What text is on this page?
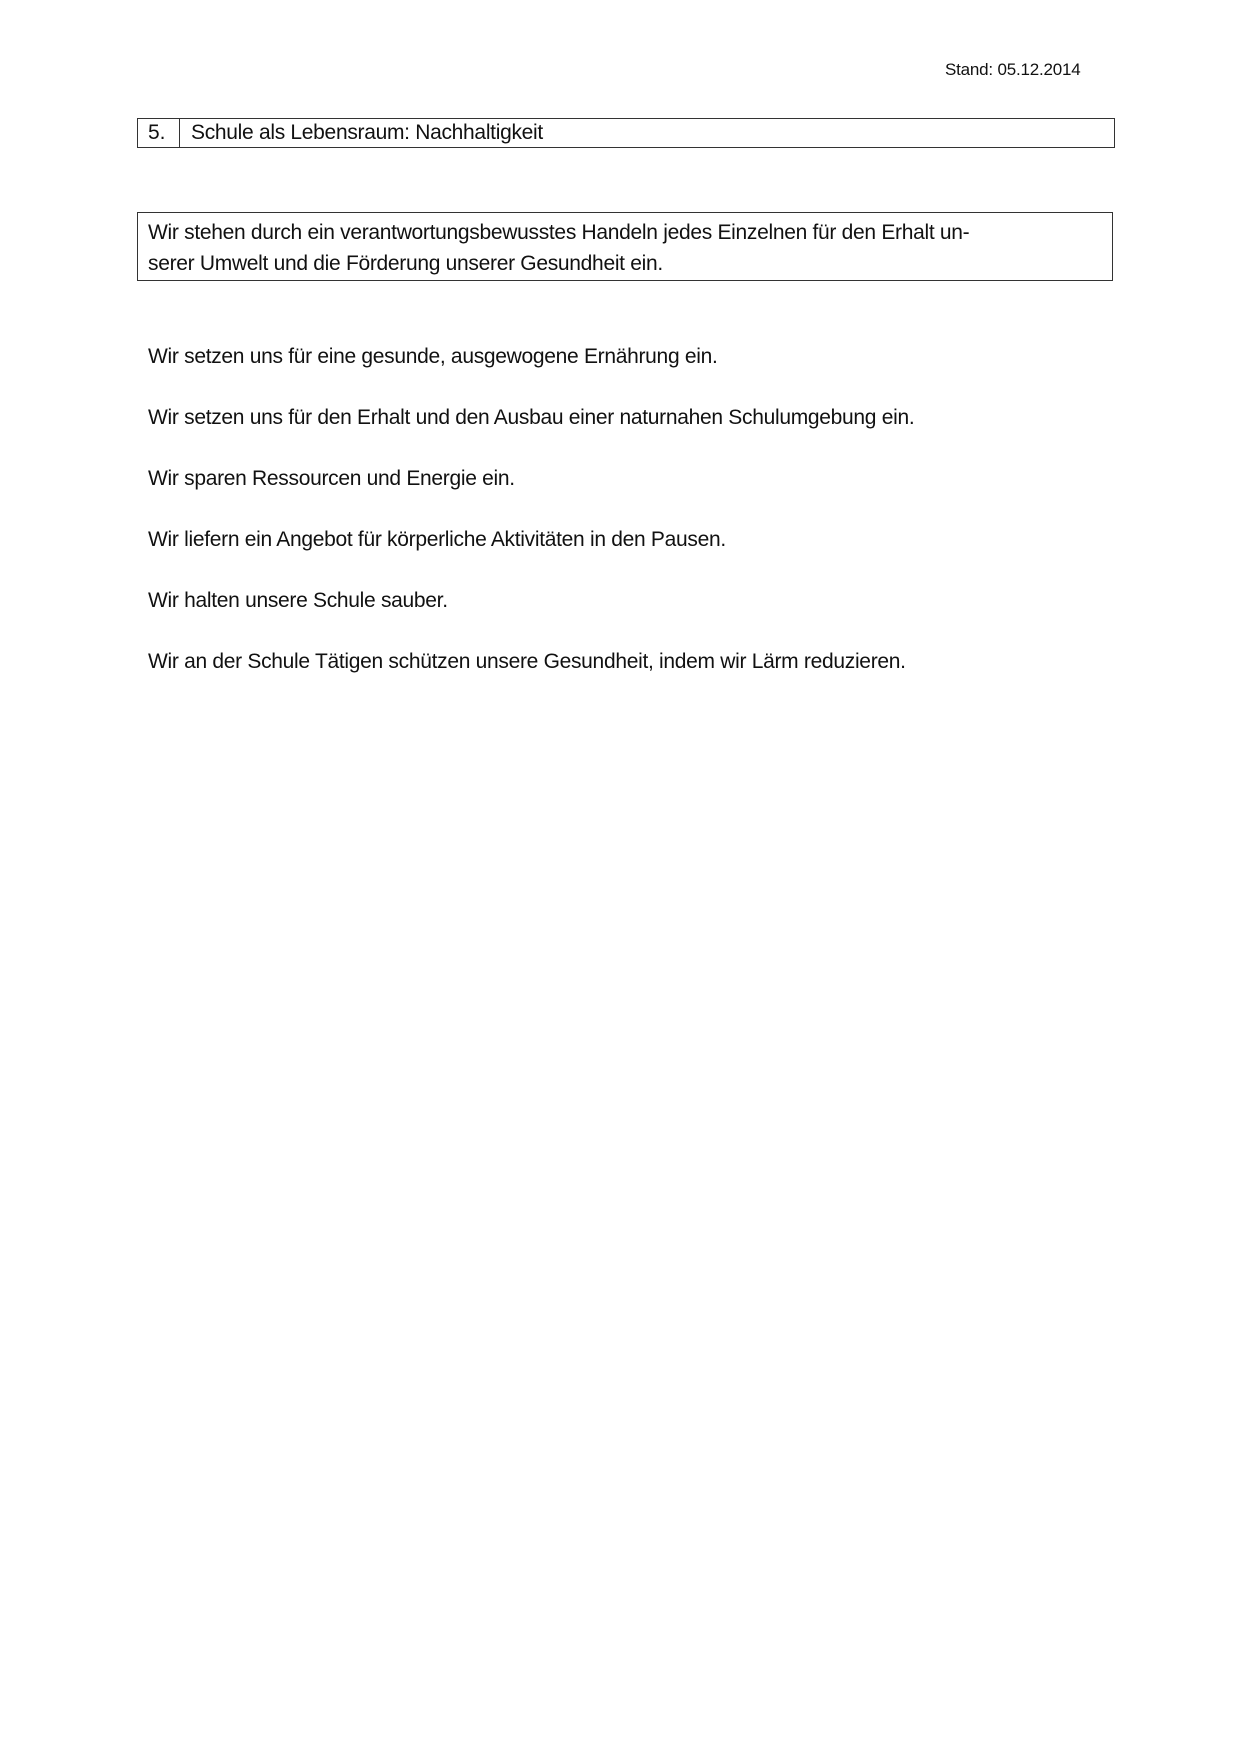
Stand: 05.12.2014
5.	Schule als Lebensraum: Nachhaltigkeit
Wir stehen durch ein verantwortungsbewusstes Handeln jedes Einzelnen für den Erhalt un-
serer Umwelt und die Förderung unserer Gesundheit ein.
Wir setzen uns für eine gesunde, ausgewogene Ernährung ein.
Wir setzen uns für den Erhalt und den Ausbau einer naturnahen Schulumgebung ein.
Wir sparen Ressourcen und Energie ein.
Wir liefern ein Angebot für körperliche Aktivitäten in den Pausen.
Wir halten unsere Schule sauber.
Wir an der Schule Tätigen schützen unsere Gesundheit, indem wir Lärm reduzieren.
